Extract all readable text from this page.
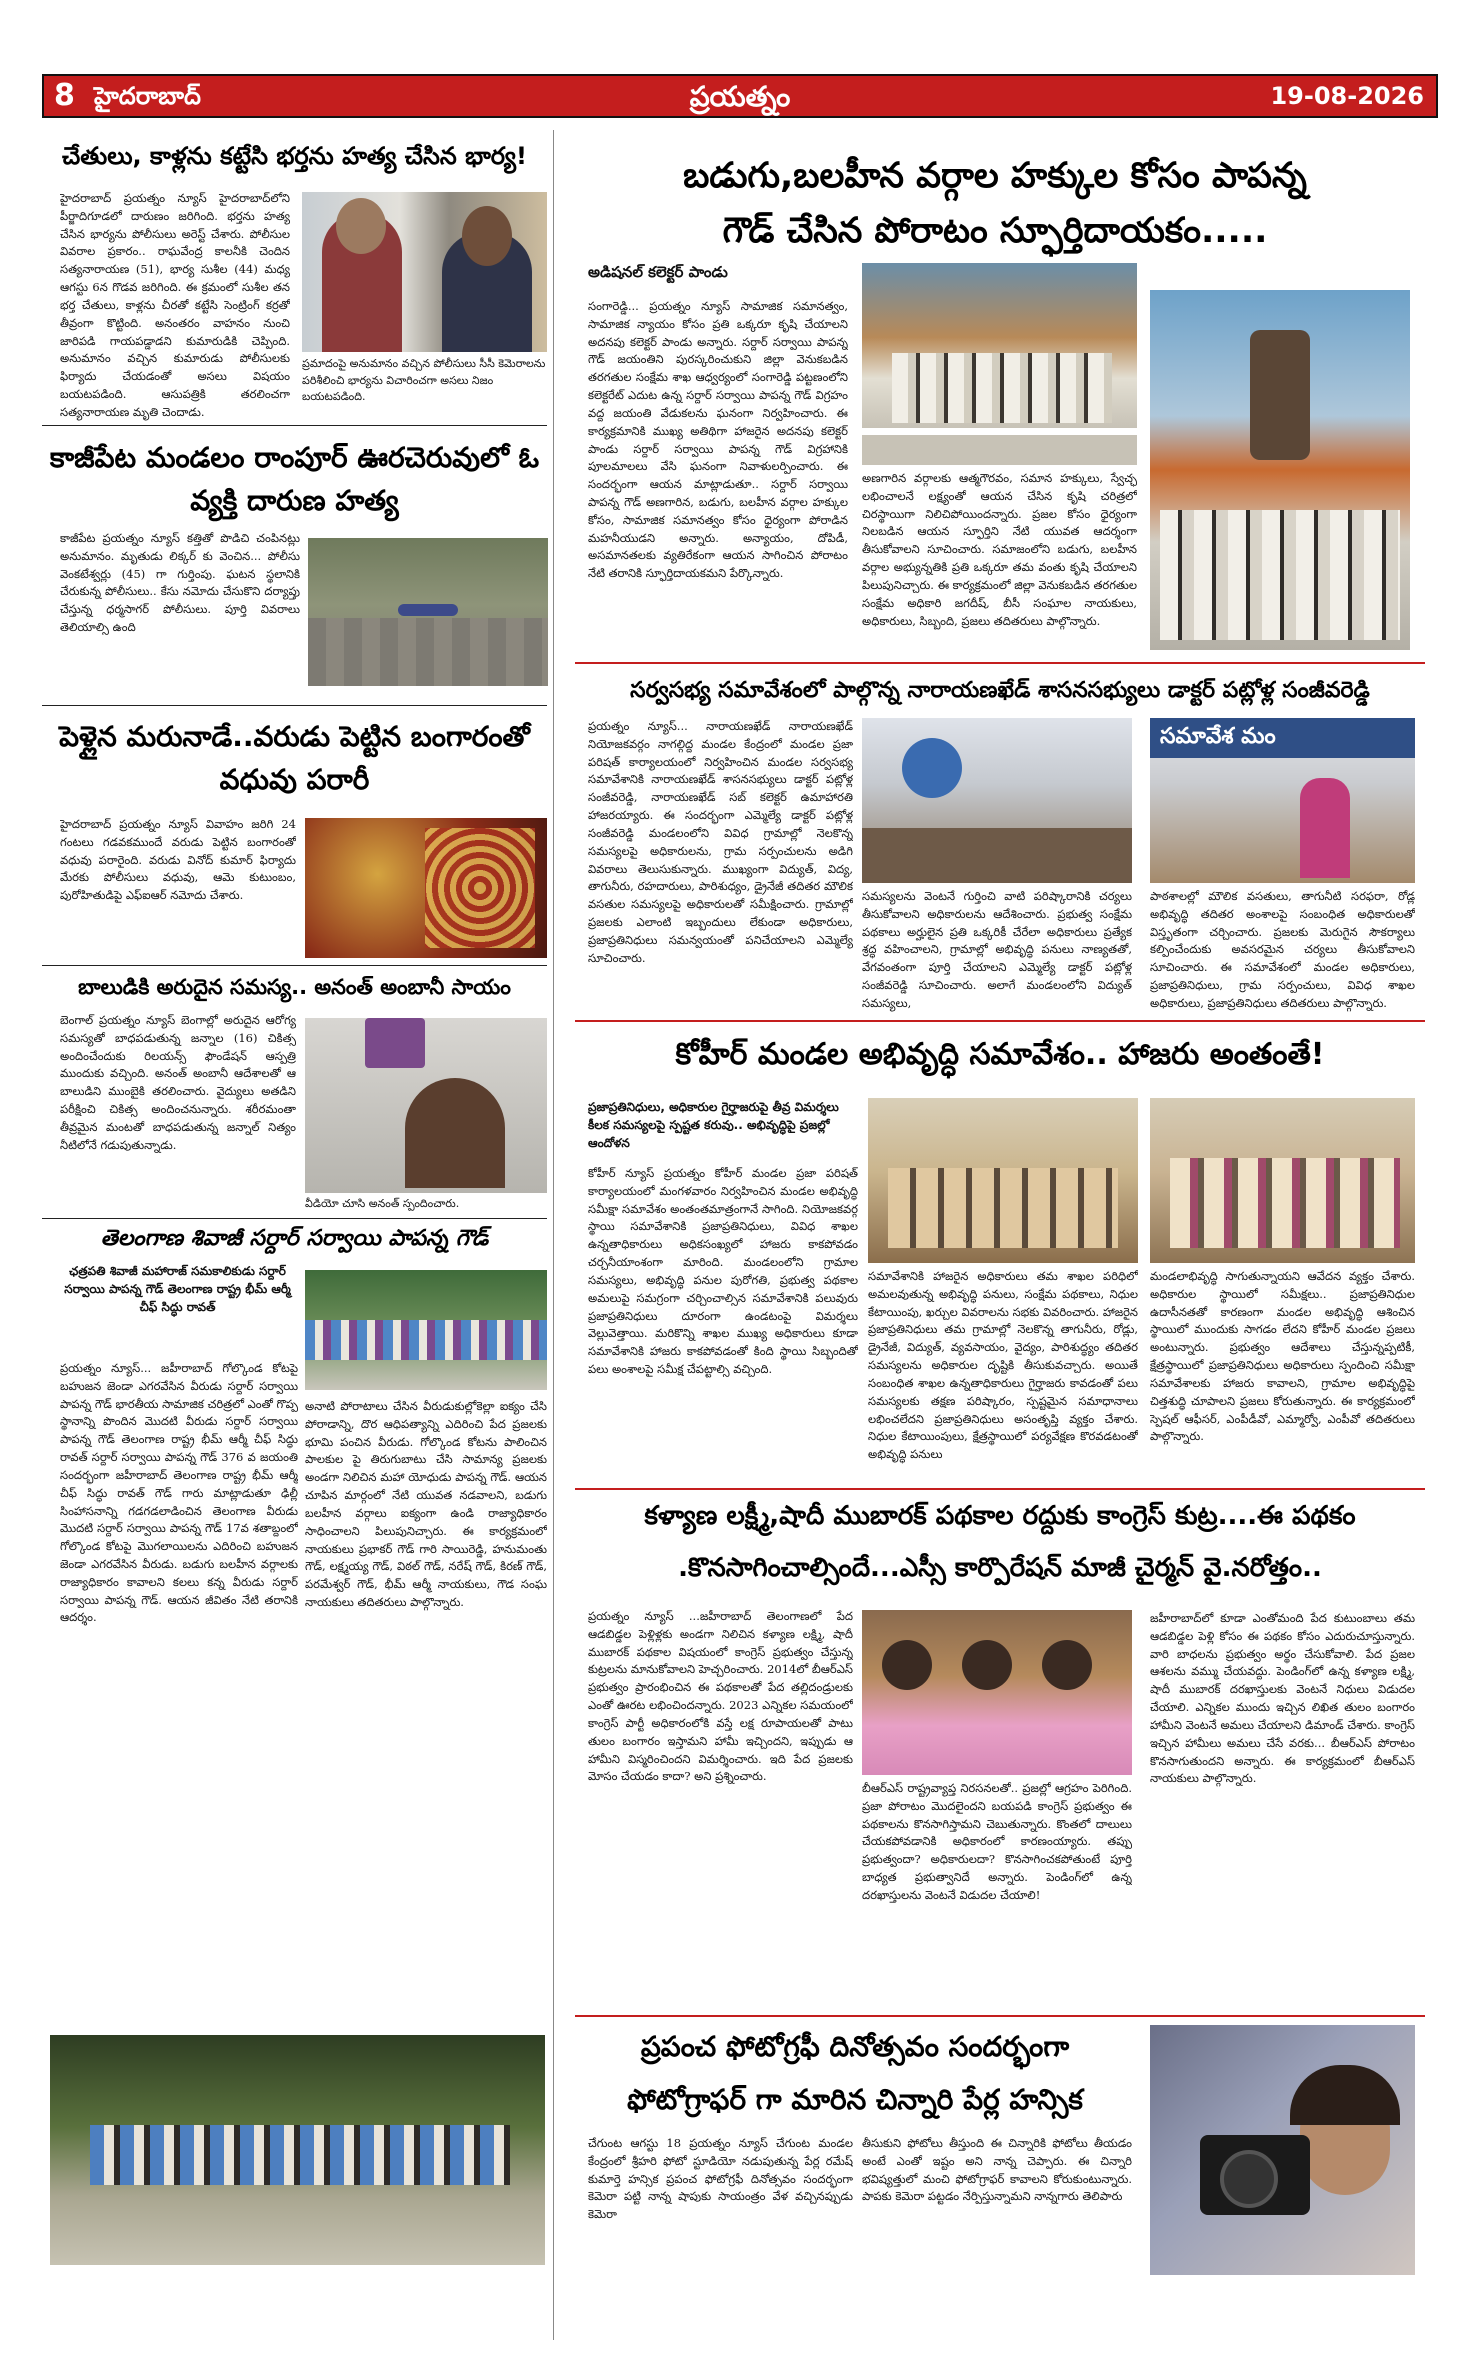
8 హైదరాబాద్	ప్రయత్నం	19-08-2026
చేతులు, కాళ్లను కట్టేసి భర్తను హత్య చేసిన భార్య!
హైదరాబాద్ ప్రయత్నం న్యూస్ హైదరాబాద్‌లోని పీర్జాదిగూడలో దారుణం జరిగింది. భర్తను హత్య చేసిన భార్యను పోలీసులు అరెస్ట్ చేశారు. పోలీసుల వివరాల ప్రకారం.. రాఘవేంద్ర కాలనీకి చెందిన సత్యనారాయణ (51), భార్య సుశీల (44) మధ్య ఆగస్టు 6న గొడవ జరిగింది. ఈ క్రమంలో సుశీల తన భర్త చేతులు, కాళ్లను చీరతో కట్టేసి సెంట్రింగ్ కర్రతో తీవ్రంగా కొట్టింది. అనంతరం వాహనం నుంచి జారిపడి గాయపడ్డాడని కుమారుడికి చెప్పింది. అనుమానం వచ్చిన కుమారుడు పోలీసులకు ఫిర్యాదు చేయడంతో అసలు విషయం బయటపడింది. ఆసుపత్రికి తరలించగా సత్యనారాయణ మృతి చెందాడు.
ప్రమాదంపై అనుమానం వచ్చిన పోలీసులు సీసీ కెమెరాలను పరిశీలించి భార్యను విచారించగా అసలు నిజం బయటపడింది.
కాజీపేట మండలం రాంపూర్ ఊరచెరువులో ఓ వ్యక్తి దారుణ హత్య
కాజీపేట ప్రయత్నం న్యూస్ కత్తితో పొడిచి చంపినట్లు అనుమానం. మృతుడు లిక్కర్ కు వెంచిన... పోలీసు వెంకటేశ్వర్లు (45) గా గుర్తింపు. ఘటన స్థలానికి చేరుకున్న పోలీసులు.. కేసు నమోదు చేసుకొని దర్యాప్తు చేస్తున్న ధర్మసాగర్ పోలీసులు. పూర్తి వివరాలు తెలియాల్సి ఉంది
పెళ్లైన మరునాడే..వరుడు పెట్టిన బంగారంతో వధువు పరారీ
హైదరాబాద్ ప్రయత్నం న్యూస్ వివాహం జరిగి 24 గంటలు గడవకముందే వరుడు పెట్టిన బంగారంతో వధువు పరారైంది. వరుడు వినోద్ కుమార్ ఫిర్యాదు మేరకు పోలీసులు వధువు, ఆమె కుటుంబం, పురోహితుడిపై ఎఫ్ఐఆర్ నమోదు చేశారు.
బాలుడికి అరుదైన సమస్య.. అనంత్ అంబానీ సాయం
బెంగాల్ ప్రయత్నం న్యూస్ బెంగాల్లో అరుదైన ఆరోగ్య సమస్యతో బాధపడుతున్న జన్నాల (16) చికిత్స అందించేందుకు రిలయన్స్ ఫౌండేషన్ ఆస్పత్రి ముందుకు వచ్చింది. అనంత్ అంబానీ ఆదేశాలతో ఆ బాలుడిని ముంబైకి తరలించారు. వైద్యులు అతడిని పరీక్షించి చికిత్స అందించనున్నారు. శరీరమంతా తీవ్రమైన మంటతో బాధపడుతున్న జన్నాల్ నిత్యం నీటిలోనే గడుపుతున్నాడు.
వీడియో చూసి అనంత్ స్పందించారు.
తెలంగాణ శివాజీ సర్దార్ సర్వాయి పాపన్న గౌడ్
ఛత్రపతి శివాజీ మహారాజ్ సమకాలికుడు సర్దార్ సర్వాయి పాపన్న గౌడ్ తెలంగాణ రాష్ట్ర భీమ్ ఆర్మీ చీఫ్ సిద్ధు రావత్
ప్రయత్నం న్యూస్... జహీరాబాద్ గోల్కొండ కోటపై బహుజన జెండా ఎగరవేసిన వీరుడు సర్దార్ సర్వాయి పాపన్న గౌడ్ భారతీయ సామాజిక చరిత్రలో ఎంతో గొప్ప స్థానాన్ని పొందిన మొదటి వీరుడు సర్దార్ సర్వాయి పాపన్న గౌడ్ తెలంగాణ రాష్ట్ర భీమ్ ఆర్మీ చీఫ్ సిద్ధు రావత్ సర్దార్ సర్వాయి పాపన్న గౌడ్ 376 వ జయంతి సందర్భంగా జహీరాబాద్ తెలంగాణ రాష్ట్ర భీమ్ ఆర్మీ చీఫ్ సిద్ధు రావత్ గౌడ్ గారు మాట్లాడుతూ ఢిల్లీ సింహాసనాన్ని గడగడలాడించిన తెలంగాణ వీరుడు మొదటి సర్దార్ సర్వాయి పాపన్న గౌడ్ 17వ శతాబ్దంలో గోల్కొండ కోటపై మొగలాయిలను ఎదిరించి బహుజన జెండా ఎగరవేసిన వీరుడు. బడుగు బలహీన వర్గాలకు రాజ్యాధికారం కావాలని కలలు కన్న వీరుడు సర్దార్ సర్వాయి పాపన్న గౌడ్. ఆయన జీవితం నేటి తరానికి ఆదర్శం.
అనాటి పోరాటాలు చేసిన వీరుడుకుల్లోకెల్లా ఐక్యం చేసి పోరాడాన్ని, దొర ఆధిపత్యాన్ని ఎదిరించి పేద ప్రజలకు భూమి పంచిన వీరుడు. గోల్కొండ కోటను పాలించిన పాలకుల పై తిరుగుబాటు చేసి సామాన్య ప్రజలకు అండగా నిలిచిన మహా యోధుడు పాపన్న గౌడ్. ఆయన చూపిన మార్గంలో నేటి యువత నడవాలని, బడుగు బలహీన వర్గాలు ఐక్యంగా ఉండి రాజ్యాధికారం సాధించాలని పిలుపునిచ్చారు. ఈ కార్యక్రమంలో నాయకులు ప్రభాకర్ గౌడ్ గారి సాయిరెడ్డి, హనుమంతు గౌడ్, లక్ష్మయ్య గౌడ్, విఠల్ గౌడ్, నరేష్ గౌడ్, కిరణ్ గౌడ్, పరమేశ్వర్ గౌడ్, భీమ్ ఆర్మీ నాయకులు, గౌడ సంఘ నాయకులు తదితరులు పాల్గొన్నారు.
బడుగు,బలహీన వర్గాల హక్కుల కోసం పాపన్న
గౌడ్ చేసిన పోరాటం స్ఫూర్తిదాయకం.....
అడిషనల్ కలెక్టర్ పాండు
సంగారెడ్డి... ప్రయత్నం న్యూస్ సామాజిక సమానత్వం, సామాజిక న్యాయం కోసం ప్రతి ఒక్కరూ కృషి చేయాలని అదనపు కలెక్టర్ పాండు అన్నారు. సర్దార్ సర్వాయి పాపన్న గౌడ్ జయంతిని పురస్కరించుకుని జిల్లా వెనుకబడిన తరగతుల సంక్షేమ శాఖ ఆధ్వర్యంలో సంగారెడ్డి పట్టణంలోని కలెక్టరేట్ ఎదుట ఉన్న సర్దార్ సర్వాయి పాపన్న గౌడ్ విగ్రహం వద్ద జయంతి వేడుకలను ఘనంగా నిర్వహించారు. ఈ కార్యక్రమానికి ముఖ్య అతిథిగా హాజరైన అదనపు కలెక్టర్ పాండు సర్దార్ సర్వాయి పాపన్న గౌడ్ విగ్రహానికి పూలమాలలు వేసి ఘనంగా నివాళులర్పించారు. ఈ సందర్భంగా ఆయన మాట్లాడుతూ.. సర్దార్ సర్వాయి పాపన్న గౌడ్ అణగారిన, బడుగు, బలహీన వర్గాల హక్కుల కోసం, సామాజిక సమానత్వం కోసం ధైర్యంగా పోరాడిన మహనీయుడని అన్నారు. అన్యాయం, దోపిడీ, అసమానతలకు వ్యతిరేకంగా ఆయన సాగించిన పోరాటం నేటి తరానికి స్ఫూర్తిదాయకమని పేర్కొన్నారు.
అణగారిన వర్గాలకు ఆత్మగౌరవం, సమాన హక్కులు, స్వేచ్ఛ లభించాలనే లక్ష్యంతో ఆయన చేసిన కృషి చరిత్రలో చిరస్థాయిగా నిలిచిపోయిందన్నారు. ప్రజల కోసం ధైర్యంగా నిలబడిన ఆయన స్ఫూర్తిని నేటి యువత ఆదర్శంగా తీసుకోవాలని సూచించారు. సమాజంలోని బడుగు, బలహీన వర్గాల అభ్యున్నతికి ప్రతి ఒక్కరూ తమ వంతు కృషి చేయాలని పిలుపునిచ్చారు. ఈ కార్యక్రమంలో జిల్లా వెనుకబడిన తరగతుల సంక్షేమ అధికారి జగదీష్, బీసీ సంఘాల నాయకులు, అధికారులు, సిబ్బంది, ప్రజలు తదితరులు పాల్గొన్నారు.
సర్వసభ్య సమావేశంలో పాల్గొన్న నారాయణఖేడ్ శాసనసభ్యులు డాక్టర్ పట్లోళ్ల సంజీవరెడ్డి
ప్రయత్నం న్యూస్... నారాయణఖేడ్ నారాయణఖేడ్ నియోజకవర్గం నాగల్గిద్ద మండల కేంద్రంలో మండల ప్రజా పరిషత్ కార్యాలయంలో నిర్వహించిన మండల సర్వసభ్య సమావేశానికి నారాయణఖేడ్ శాసనసభ్యులు డాక్టర్ పట్లోళ్ల సంజీవరెడ్డి, నారాయణఖేడ్ సబ్ కలెక్టర్ ఉమాహారతి హాజరయ్యారు. ఈ సందర్భంగా ఎమ్మెల్యే డాక్టర్ పట్లోళ్ల సంజీవరెడ్డి మండలంలోని వివిధ గ్రామాల్లో నెలకొన్న సమస్యలపై అధికారులను, గ్రామ సర్పంచులను అడిగి వివరాలు తెలుసుకున్నారు. ముఖ్యంగా విద్యుత్, విద్య, తాగునీరు, రహదారులు, పారిశుధ్యం, డ్రైనేజీ తదితర మౌలిక వసతుల సమస్యలపై అధికారులతో సమీక్షించారు. గ్రామాల్లో ప్రజలకు ఎలాంటి ఇబ్బందులు లేకుండా అధికారులు, ప్రజాప్రతినిధులు సమన్వయంతో పనిచేయాలని ఎమ్మెల్యే సూచించారు.
సమావేశ మం
సమస్యలను వెంటనే గుర్తించి వాటి పరిష్కారానికి చర్యలు తీసుకోవాలని అధికారులను ఆదేశించారు. ప్రభుత్వ సంక్షేమ పథకాలు అర్హులైన ప్రతి ఒక్కరికీ చేరేలా అధికారులు ప్రత్యేక శ్రద్ధ వహించాలని, గ్రామాల్లో అభివృద్ధి పనులు నాణ్యతతో, వేగవంతంగా పూర్తి చేయాలని ఎమ్మెల్యే డాక్టర్ పట్లోళ్ల సంజీవరెడ్డి సూచించారు. అలాగే మండలంలోని విద్యుత్ సమస్యలు,
పాఠశాలల్లో మౌలిక వసతులు, తాగునీటి సరఫరా, రోడ్ల అభివృద్ధి తదితర అంశాలపై సంబంధిత అధికారులతో విస్తృతంగా చర్చించారు. ప్రజలకు మెరుగైన సౌకర్యాలు కల్పించేందుకు అవసరమైన చర్యలు తీసుకోవాలని సూచించారు. ఈ సమావేశంలో మండల అధికారులు, ప్రజాప్రతినిధులు, గ్రామ సర్పంచులు, వివిధ శాఖల అధికారులు, ప్రజాప్రతినిధులు తదితరులు పాల్గొన్నారు.
కోహీర్ మండల అభివృద్ధి సమావేశం.. హాజరు అంతంతే!
ప్రజాప్రతినిధులు, అధికారుల గైర్హాజరుపై తీవ్ర విమర్శలు కీలక సమస్యలపై స్పష్టత కరువు.. అభివృద్ధిపై ప్రజల్లో ఆందోళన
కోహీర్ న్యూస్ ప్రయత్నం కోహీర్ మండల ప్రజా పరిషత్ కార్యాలయంలో మంగళవారం నిర్వహించిన మండల అభివృద్ధి సమీక్షా సమావేశం అంతంతమాత్రంగానే సాగింది. నియోజకవర్గ స్థాయి సమావేశానికి ప్రజాప్రతినిధులు, వివిధ శాఖల ఉన్నతాధికారులు అధికసంఖ్యలో హాజరు కాకపోవడం చర్చనీయాంశంగా మారింది. మండలంలోని గ్రామాల సమస్యలు, అభివృద్ధి పనుల పురోగతి, ప్రభుత్వ పథకాల అమలుపై సమగ్రంగా చర్చించాల్సిన సమావేశానికి పలువురు ప్రజాప్రతినిధులు దూరంగా ఉండటంపై విమర్శలు వెల్లువెత్తాయి. మరికొన్ని శాఖల ముఖ్య అధికారులు కూడా సమావేశానికి హాజరు కాకపోవడంతో కింది స్థాయి సిబ్బందితో పలు అంశాలపై సమీక్ష చేపట్టాల్సి వచ్చింది.
సమావేశానికి హాజరైన అధికారులు తమ శాఖల పరిధిలో అమలవుతున్న అభివృద్ధి పనులు, సంక్షేమ పథకాలు, నిధుల కేటాయింపు, ఖర్చుల వివరాలను సభకు వివరించారు. హాజరైన ప్రజాప్రతినిధులు తమ గ్రామాల్లో నెలకొన్న తాగునీరు, రోడ్లు, డ్రైనేజీ, విద్యుత్, వ్యవసాయం, వైద్యం, పారిశుద్ధ్యం తదితర సమస్యలను అధికారుల దృష్టికి తీసుకువచ్చారు. అయితే సంబంధిత శాఖల ఉన్నతాధికారులు గైర్హాజరు కావడంతో పలు సమస్యలకు తక్షణ పరిష్కారం, స్పష్టమైన సమాధానాలు లభించలేదని ప్రజాప్రతినిధులు అసంతృప్తి వ్యక్తం చేశారు. నిధుల కేటాయింపులు, క్షేత్రస్థాయిలో పర్యవేక్షణ కొరవడటంతో అభివృద్ధి పనులు
మండలాభివృద్ధి సాగుతున్నాయని ఆవేదన వ్యక్తం చేశారు. అధికారుల స్థాయిలో సమీక్షలు.. ప్రజాప్రతినిధుల ఉదాసీనతతో కారణంగా మండల అభివృద్ధి ఆశించిన స్థాయిలో ముందుకు సాగడం లేదని కోహీర్ మండల ప్రజలు అంటున్నారు. ప్రభుత్వం ఆదేశాలు చేస్తున్నప్పటికీ, క్షేత్రస్థాయిలో ప్రజాప్రతినిధులు అధికారులు స్పందించి సమీక్షా సమావేశాలకు హాజరు కావాలని, గ్రామాల అభివృద్ధిపై చిత్తశుద్ధి చూపాలని ప్రజలు కోరుతున్నారు. ఈ కార్యక్రమంలో స్పెషల్ ఆఫీసర్, ఎంపీడీవో, ఎమ్మార్వో, ఎంపీవో తదితరులు పాల్గొన్నారు.
కళ్యాణ లక్ష్మీ,షాదీ ముబారక్ పథకాల రద్దుకు కాంగ్రెస్ కుట్ర....ఈ పథకం
.కొనసాగించాల్సిందే...ఎస్సీ కార్పొరేషన్ మాజీ చైర్మన్ వై.నరోత్తం..
ప్రయత్నం న్యూస్ ...జహీరాబాద్ తెలంగాణలో పేద ఆడబిడ్డల పెళ్లిళ్లకు అండగా నిలిచిన కళ్యాణ లక్ష్మి, షాదీ ముబారక్ పథకాల విషయంలో కాంగ్రెస్ ప్రభుత్వం చేస్తున్న కుట్రలను మానుకోవాలని హెచ్చరించారు. 2014లో బీఆర్ఎస్ ప్రభుత్వం ప్రారంభించిన ఈ పథకాలతో పేద తల్లిదండ్రులకు ఎంతో ఊరట లభించిందన్నారు. 2023 ఎన్నికల సమయంలో కాంగ్రెస్ పార్టీ అధికారంలోకి వస్తే లక్ష రూపాయలతో పాటు తులం బంగారం ఇస్తామని హామీ ఇచ్చిందని, ఇప్పుడు ఆ హామీని విస్మరించిందని విమర్శించారు. ఇది పేద ప్రజలకు మోసం చేయడం కాదా? అని ప్రశ్నించారు.
బీఆర్ఎస్ రాష్ట్రవ్యాప్త నిరసనలతో.. ప్రజల్లో ఆగ్రహం పెరిగింది. ప్రజా పోరాటం మొదలైందని బయపడి కాంగ్రెస్ ప్రభుత్వం ఈ పథకాలను కొనసాగిస్తామని చెబుతున్నారు. కొంతలో దాలులు చేయకపోవడానికి అధికారంలో కారణంయ్యారు. తప్పు ప్రభుత్వందా? అధికారులదా? కొనసాగించకపోతుంటే పూర్తి బాధ్యత ప్రభుత్వానిదే అన్నారు. పెండింగ్‌లో ఉన్న దరఖాస్తులను వెంటనే విడుదల చేయాలి!
జహీరాబాద్‌లో కూడా ఎంతోమంది పేద కుటుంబాలు తమ ఆడబిడ్డల పెళ్లి కోసం ఈ పథకం కోసం ఎదురుచూస్తున్నారు. వారి బాధలను ప్రభుత్వం అర్థం చేసుకోవాలి. పేద ప్రజల ఆశలను వమ్ము చేయవద్దు. పెండింగ్‌లో ఉన్న కళ్యాణ లక్ష్మి, షాదీ ముబారక్ దరఖాస్తులకు వెంటనే నిధులు విడుదల చేయాలి. ఎన్నికల ముందు ఇచ్చిన లిఖిత తులం బంగారం హామీని వెంటనే అమలు చేయాలని డిమాండ్ చేశారు. కాంగ్రెస్ ఇచ్చిన హామీలు అమలు చేసే వరకు... బీఆర్ఎస్ పోరాటం కొనసాగుతుందని అన్నారు. ఈ కార్యక్రమంలో బీఆర్ఎస్ నాయకులు పాల్గొన్నారు.
ప్రపంచ ఫోటోగ్రఫీ దినోత్సవం సందర్భంగా
ఫోటోగ్రాఫర్ గా మారిన చిన్నారి పేర్ల హన్సిక
చేగుంట ఆగస్టు 18 ప్రయత్నం న్యూస్ చేగుంట మండల కేంద్రంలో శ్రీహరి ఫోటో స్టూడియో నడుపుతున్న పేర్ల రమేష్ కుమార్తె హన్సిక ప్రపంచ ఫోటోగ్రఫీ దినోత్సవం సందర్భంగా కెమెరా పట్టి నాన్న షాపుకు సాయంత్రం వేళ వచ్చినప్పుడు కెమెరా
తీసుకుని ఫోటోలు తీస్తుంది ఈ చిన్నారికి ఫోటోలు తీయడం అంటే ఎంతో ఇష్టం అని నాన్న చెప్పారు. ఈ చిన్నారి భవిష్యత్తులో మంచి ఫోటోగ్రాఫర్ కావాలని కోరుకుంటున్నారు. పాపకు కెమెరా పట్టడం నేర్పిస్తున్నామని నాన్నగారు తెలిపారు
